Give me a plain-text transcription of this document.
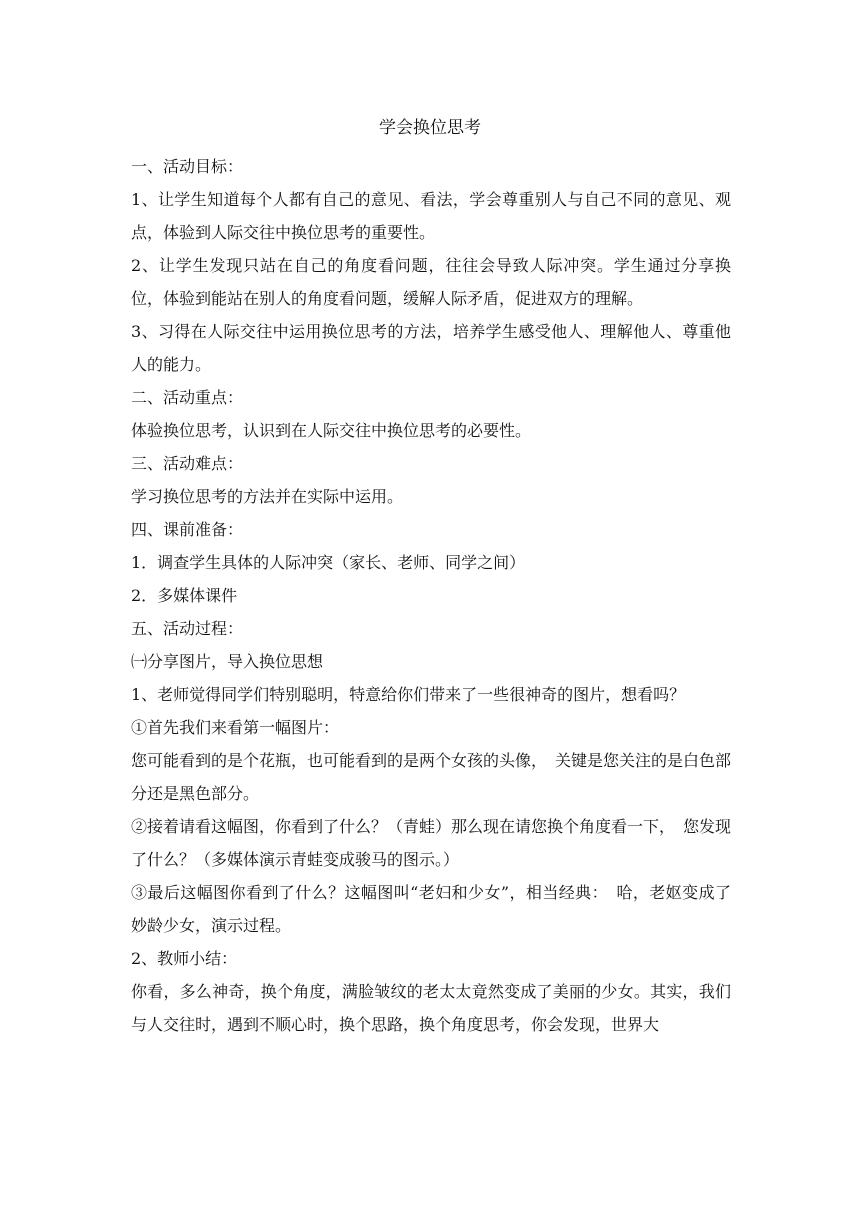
学会换位思考

一、活动目标：

1、让学生知道每个人都有自己的意见、看法，学会尊重别人与自己不同的意见、观点，体验到人际交往中换位思考的重要性。

2、让学生发现只站在自己的角度看问题，往往会导致人际冲突。学生通过分享换位，体验到能站在别人的角度看问题，缓解人际矛盾，促进双方的理解。

3、习得在人际交往中运用换位思考的方法，培养学生感受他人、理解他人、尊重他人的能力。

二、活动重点：

体验换位思考，认识到在人际交往中换位思考的必要性。

三、活动难点：

学习换位思考的方法并在实际中运用。

四、课前准备：

1．调查学生具体的人际冲突（家长、老师、同学之间）

2．多媒体课件

五、活动过程：

㈠分享图片，导入换位思想

1、老师觉得同学们特别聪明，特意给你们带来了一些很神奇的图片，想看吗？

①首先我们来看第一幅图片：

您可能看到的是个花瓶，也可能看到的是两个女孩的头像，　关键是您关注的是白色部分还是黑色部分。

②接着请看这幅图，你看到了什么？（青蛙）那么现在请您换个角度看一下，　您发现了什么？（多媒体演示青蛙变成骏马的图示。）

③最后这幅图你看到了什么？这幅图叫“老妇和少女”，相当经典：　哈，老妪变成了妙龄少女，演示过程。

2、教师小结：

你看，多么神奇，换个角度，满脸皱纹的老太太竟然变成了美丽的少女。其实，我们与人交往时，遇到不顺心时，换个思路，换个角度思考，你会发现，世界大
